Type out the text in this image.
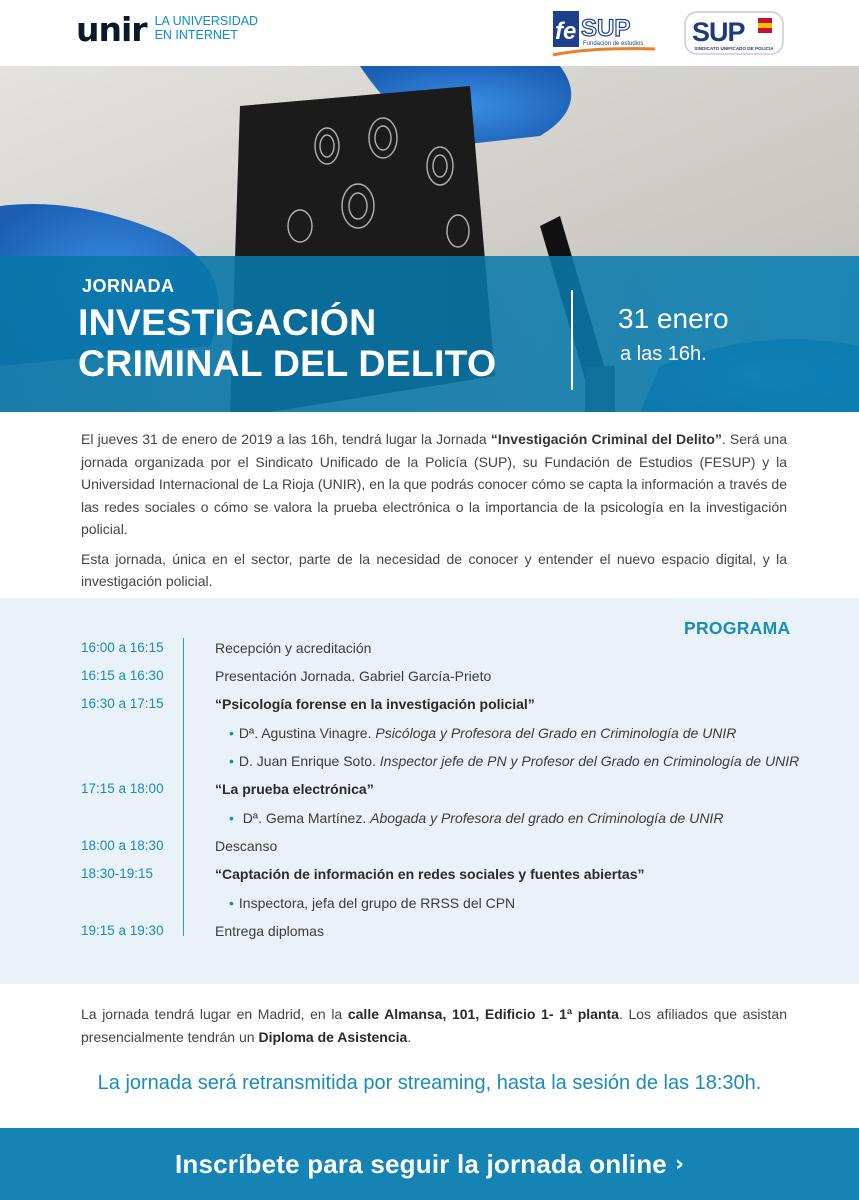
unir LA UNIVERSIDAD
EN INTERNET	fe SUP
Fundación de estudios SUP
SINDICATO UNIFICADO DE POLICIA
JORNADA
INVESTIGACIÓN
CRIMINAL DEL DELITO
31 enero
a las 16h.

El jueves 31 de enero de 2019 a las 16h, tendrá lugar la Jornada “Investigación Criminal del Delito”. Será una jornada organizada por el Sindicato Unificado de la Policía (SUP), su Fundación de Estudios (FESUP) y la Universidad Internacional de La Rioja (UNIR), en la que podrás conocer cómo se capta la información a través de las redes sociales o cómo se valora la prueba electrónica o la importancia de la psicología en la investigación policial.

Esta jornada, única en el sector, parte de la necesidad de conocer y entender el nuevo espacio digital, y la investigación policial.

PROGRAMA
16:00 a 16:15	Recepción y acreditación
16:15 a 16:30	Presentación Jornada. Gabriel García-Prieto
16:30 a 17:15	“Psicología forense en la investigación policial”
• Dª. Agustina Vinagre. Psicóloga y Profesora del Grado en Criminología de UNIR
• D. Juan Enrique Soto. Inspector jefe de PN y Profesor del Grado en Criminología de UNIR
17:15 a 18:00	“La prueba electrónica”
• Dª. Gema Martínez. Abogada y Profesora del grado en Criminología de UNIR
18:00 a 18:30	Descanso
18:30-19:15	“Captación de información en redes sociales y fuentes abiertas”
• Inspectora, jefa del grupo de RRSS del CPN
19:15 a 19:30	Entrega diplomas
La jornada tendrá lugar en Madrid, en la calle Almansa, 101, Edificio 1- 1ª planta. Los afiliados que asistan presencialmente tendrán un Diploma de Asistencia.
La jornada será retransmitida por streaming, hasta la sesión de las 18:30h.
Inscríbete para seguir la jornada online ›
